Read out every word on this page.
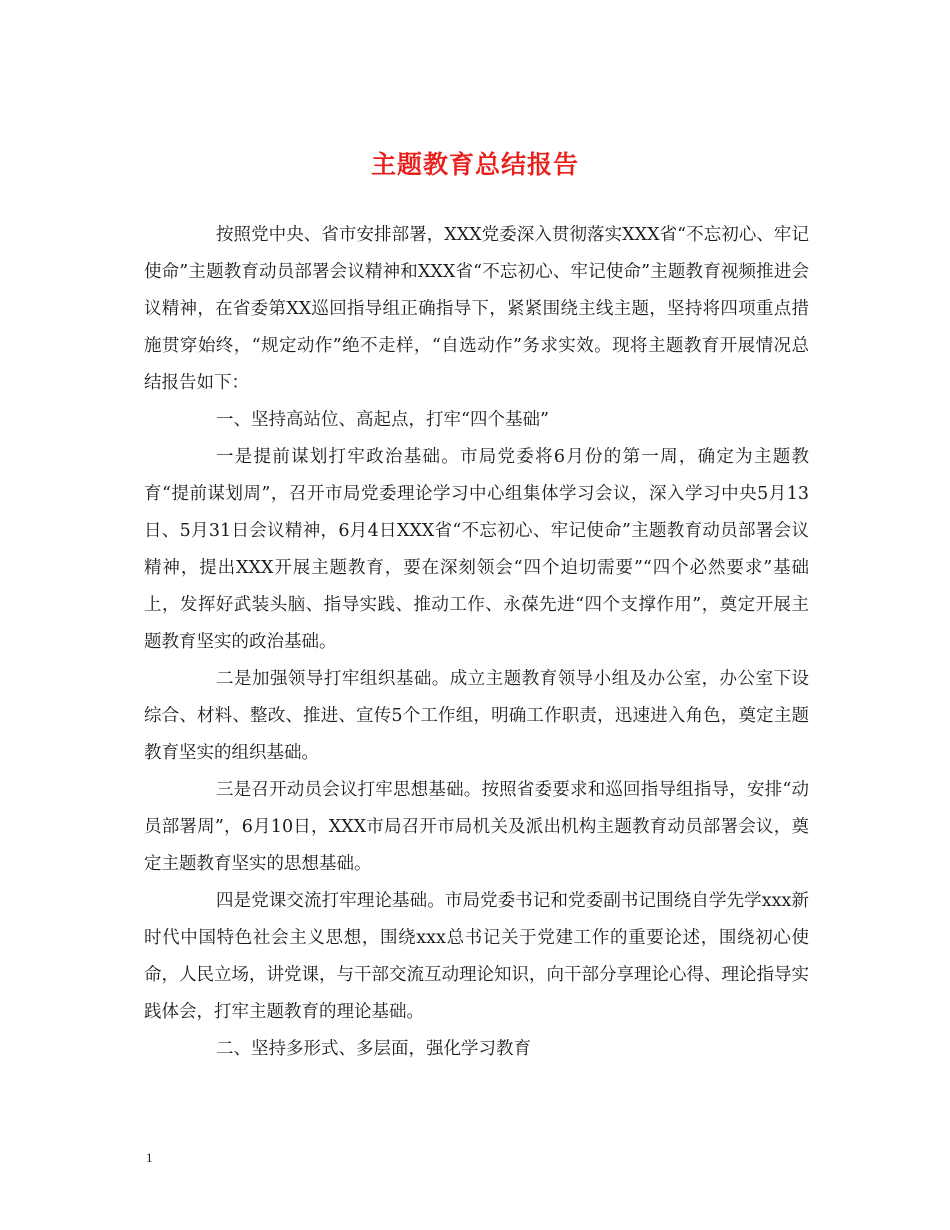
主题教育总结报告

按照党中央、省市安排部署，XXX党委深入贯彻落实XXX省“不忘初心、牢记使命”主题教育动员部署会议精神和XXX省“不忘初心、牢记使命”主题教育视频推进会议精神，在省委第XX巡回指导组正确指导下，紧紧围绕主线主题，坚持将四项重点措施贯穿始终，“规定动作”绝不走样，“自选动作”务求实效。现将主题教育开展情况总结报告如下：

一、坚持高站位、高起点，打牢“四个基础”

一是提前谋划打牢政治基础。市局党委将6月份的第一周，确定为主题教育“提前谋划周”，召开市局党委理论学习中心组集体学习会议，深入学习中央5月13日、5月31日会议精神，6月4日XXX省“不忘初心、牢记使命”主题教育动员部署会议精神，提出XXX开展主题教育，要在深刻领会“四个迫切需要”“四个必然要求”基础上，发挥好武装头脑、指导实践、推动工作、永葆先进“四个支撑作用”，奠定开展主题教育坚实的政治基础。

二是加强领导打牢组织基础。成立主题教育领导小组及办公室，办公室下设综合、材料、整改、推进、宣传5个工作组，明确工作职责，迅速进入角色，奠定主题教育坚实的组织基础。

三是召开动员会议打牢思想基础。按照省委要求和巡回指导组指导，安排“动员部署周”，6月10日，XXX市局召开市局机关及派出机构主题教育动员部署会议，奠定主题教育坚实的思想基础。

四是党课交流打牢理论基础。市局党委书记和党委副书记围绕自学先学xxx新时代中国特色社会主义思想，围绕xxx总书记关于党建工作的重要论述，围绕初心使命，人民立场，讲党课，与干部交流互动理论知识，向干部分享理论心得、理论指导实践体会，打牢主题教育的理论基础。

二、坚持多形式、多层面，强化学习教育

1
